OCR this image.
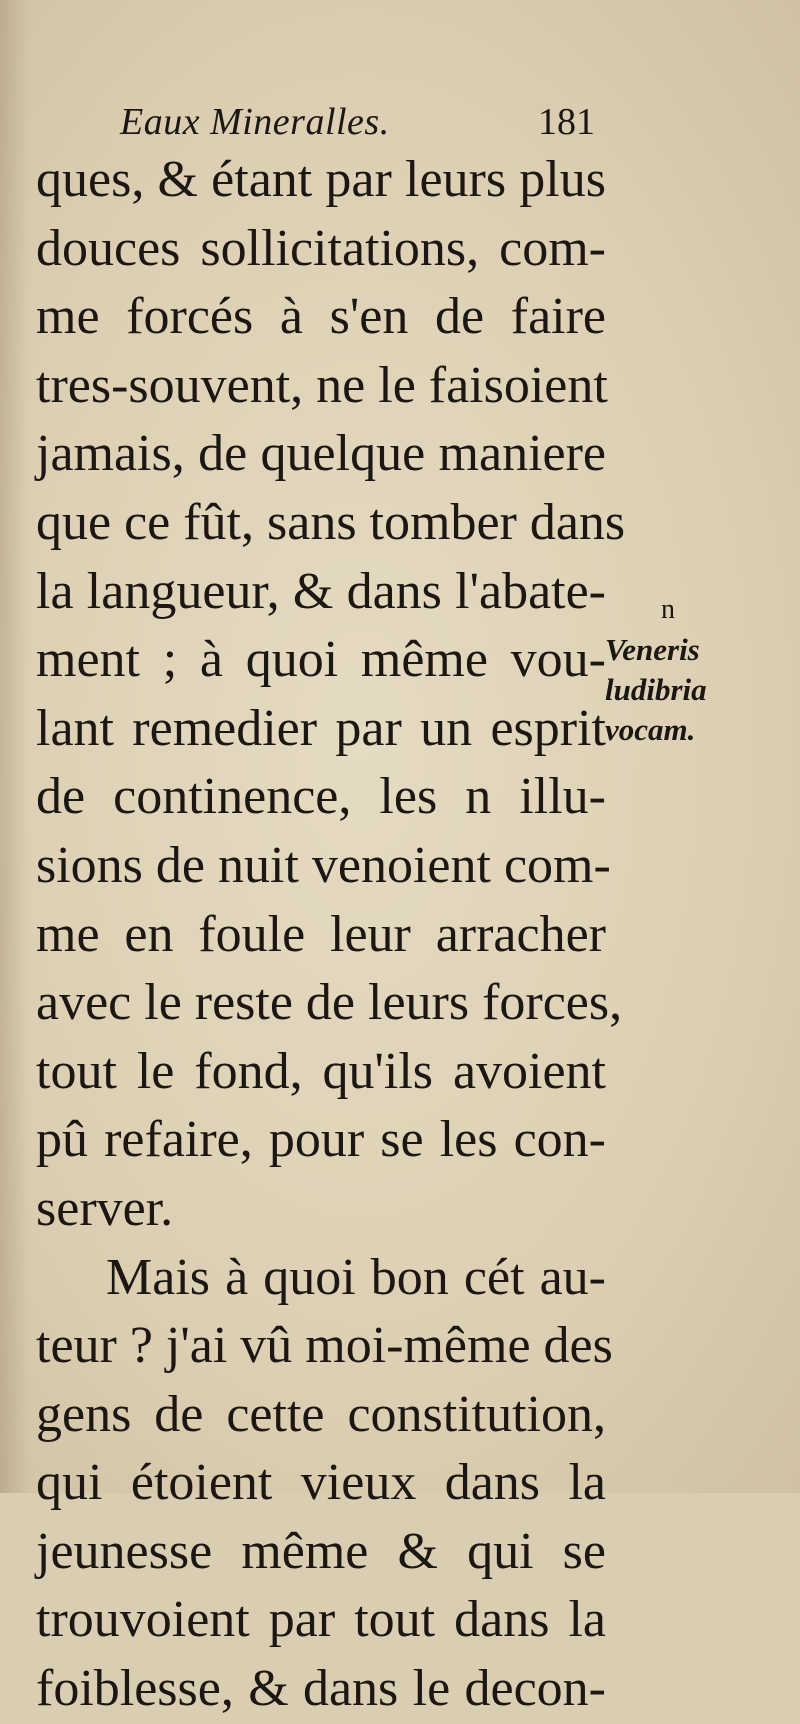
Eaux Mineralles.	181
ques, & étant par leurs plus
douces sollicitations, com-
me forcés à s'en de faire
tres-souvent, ne le faisoient
jamais, de quelque maniere
que ce fût, sans tomber dans
la langueur, & dans l'abate-
ment ; à quoi même vou-
lant remedier par un esprit
de continence, les n illu-
sions de nuit venoient com-
me en foule leur arracher
avec le reste de leurs forces,
tout le fond, qu'ils avoient
pû refaire, pour se les con-
server.
Mais à quoi bon cét au-
teur ? j'ai vû moi-même des
gens de cette constitution,
qui étoient vieux dans la
jeunesse même & qui se
trouvoient par tout dans la
foiblesse, & dans le decon-
n
Veneris
ludibria
vocam.
